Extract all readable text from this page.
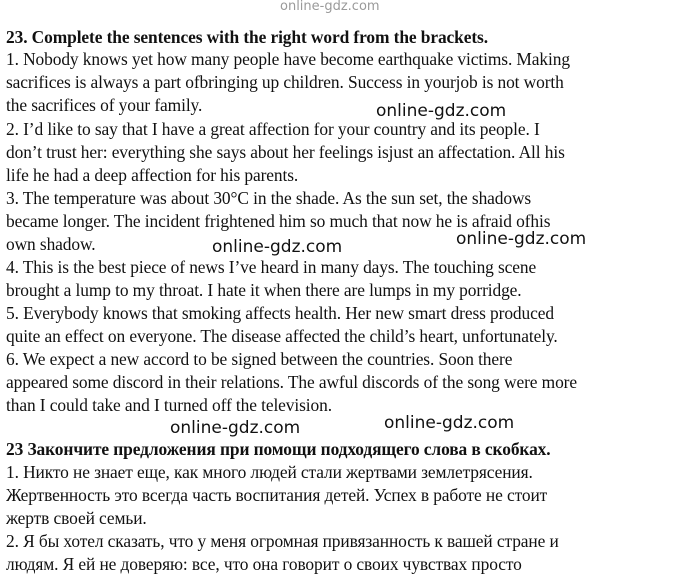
online-gdz.com
23. Complete the sentences with the right word from the brackets.
1. Nobody knows yet how many people have become earthquake victims. Making
sacrifices is always a part ofbringing up children. Success in yourjob is not worth
the sacrifices of your family.
2. I’d like to say that I have a great affection for your country and its people. I
don’t trust her: everything she says about her feelings isjust an affectation. All his
life he had a deep affection for his parents.
3. The temperature was about 30°C in the shade. As the sun set, the shadows
became longer. The incident frightened him so much that now he is afraid ofhis
own shadow.
4. This is the best piece of news I’ve heard in many days. The touching scene
brought a lump to my throat. I hate it when there are lumps in my porridge.
5. Everybody knows that smoking affects health. Her new smart dress produced
quite an effect on everyone. The disease affected the child’s heart, unfortunately.
6. We expect a new accord to be signed between the countries. Soon there
appeared some discord in their relations. The awful discords of the song were more
than I could take and I turned off the television.
23 Закончите предложения при помощи подходящего слова в скобках.
1. Никто не знает еще, как много людей стали жертвами землетрясения.
Жертвенность это всегда часть воспитания детей. Успех в работе не стоит
жертв своей семьи.
2. Я бы хотел сказать, что у меня огромная привязанность к вашей стране и
людям. Я ей не доверяю: все, что она говорит о своих чувствах просто
online-gdz.com
online-gdz.com
online-gdz.com
online-gdz.com
online-gdz.com
